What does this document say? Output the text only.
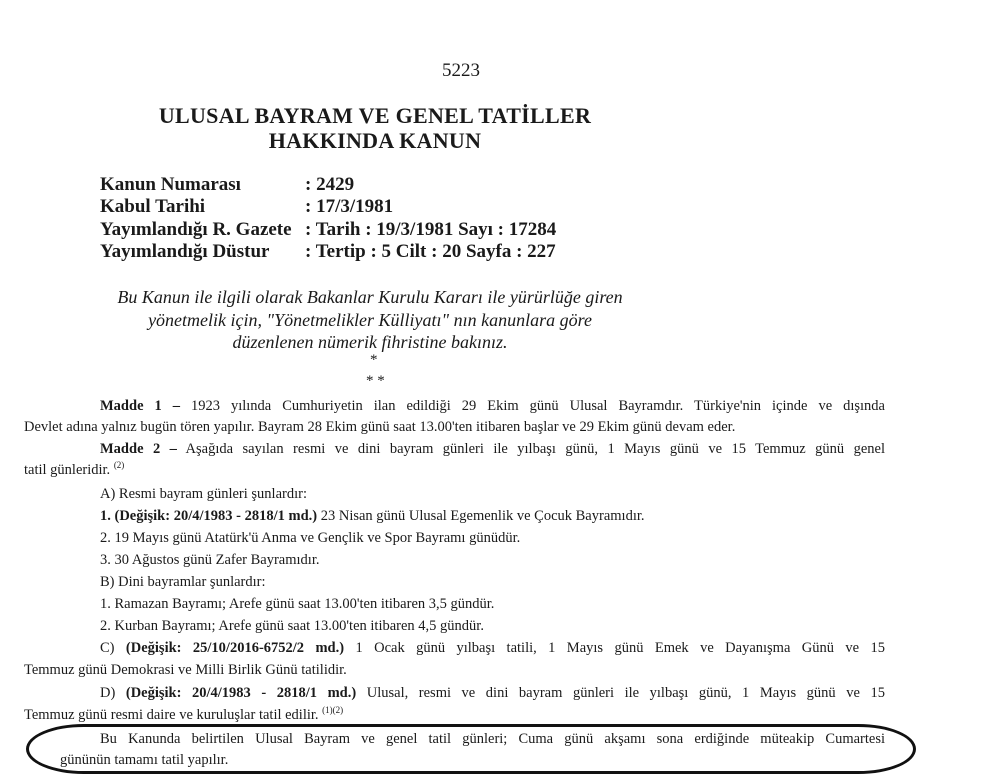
5223
ULUSAL BAYRAM VE GENEL TATİLLER
HAKKINDA KANUN
Kanun Numarası	: 2429
Kabul Tarihi	: 17/3/1981
Yayımlandığı R. Gazete : Tarih : 19/3/1981 Sayı : 17284
Yayımlandığı Düstur : Tertip : 5 Cilt : 20 Sayfa : 227
Bu Kanun ile ilgili olarak Bakanlar Kurulu Kararı ile yürürlüğe giren
yönetmelik için, "Yönetmelikler Külliyatı" nın kanunlara göre
düzenlenen nümerik fihristine bakınız.
*
* *
Madde 1 – 1923 yılında Cumhuriyetin ilan edildiği 29 Ekim günü Ulusal Bayramdır. Türkiye'nin içinde ve dışında
Devlet adına yalnız bugün tören yapılır. Bayram 28 Ekim günü saat 13.00'ten itibaren başlar ve 29 Ekim günü devam eder.
Madde 2 – Aşağıda sayılan resmi ve dini bayram günleri ile yılbaşı günü, 1 Mayıs günü ve 15 Temmuz günü genel
tatil günleridir. $^{(2)}$
A) Resmi bayram günleri şunlardır:
1. (Değişik: 20/4/1983 - 2818/1 md.) 23 Nisan günü Ulusal Egemenlik ve Çocuk Bayramıdır.
2. 19 Mayıs günü Atatürk'ü Anma ve Gençlik ve Spor Bayramı günüdür.
3. 30 Ağustos günü Zafer Bayramıdır.
B) Dini bayramlar şunlardır:
1. Ramazan Bayramı; Arefe günü saat 13.00'ten itibaren 3,5 gündür.
2. Kurban Bayramı; Arefe günü saat 13.00'ten itibaren 4,5 gündür.
C) (Değişik: 25/10/2016-6752/2 md.) 1 Ocak günü yılbaşı tatili, 1 Mayıs günü Emek ve Dayanışma Günü ve 15
Temmuz günü Demokrasi ve Milli Birlik Günü tatilidir.
D) (Değişik: 20/4/1983 - 2818/1 md.) Ulusal, resmi ve dini bayram günleri ile yılbaşı günü, 1 Mayıs günü ve 15
Temmuz günü resmi daire ve kuruluşlar tatil edilir. $^{(1)(2)}$
Bu Kanunda belirtilen Ulusal Bayram ve genel tatil günleri; Cuma günü akşamı sona erdiğinde müteakip Cumartesi
gününün tamamı tatil yapılır.
